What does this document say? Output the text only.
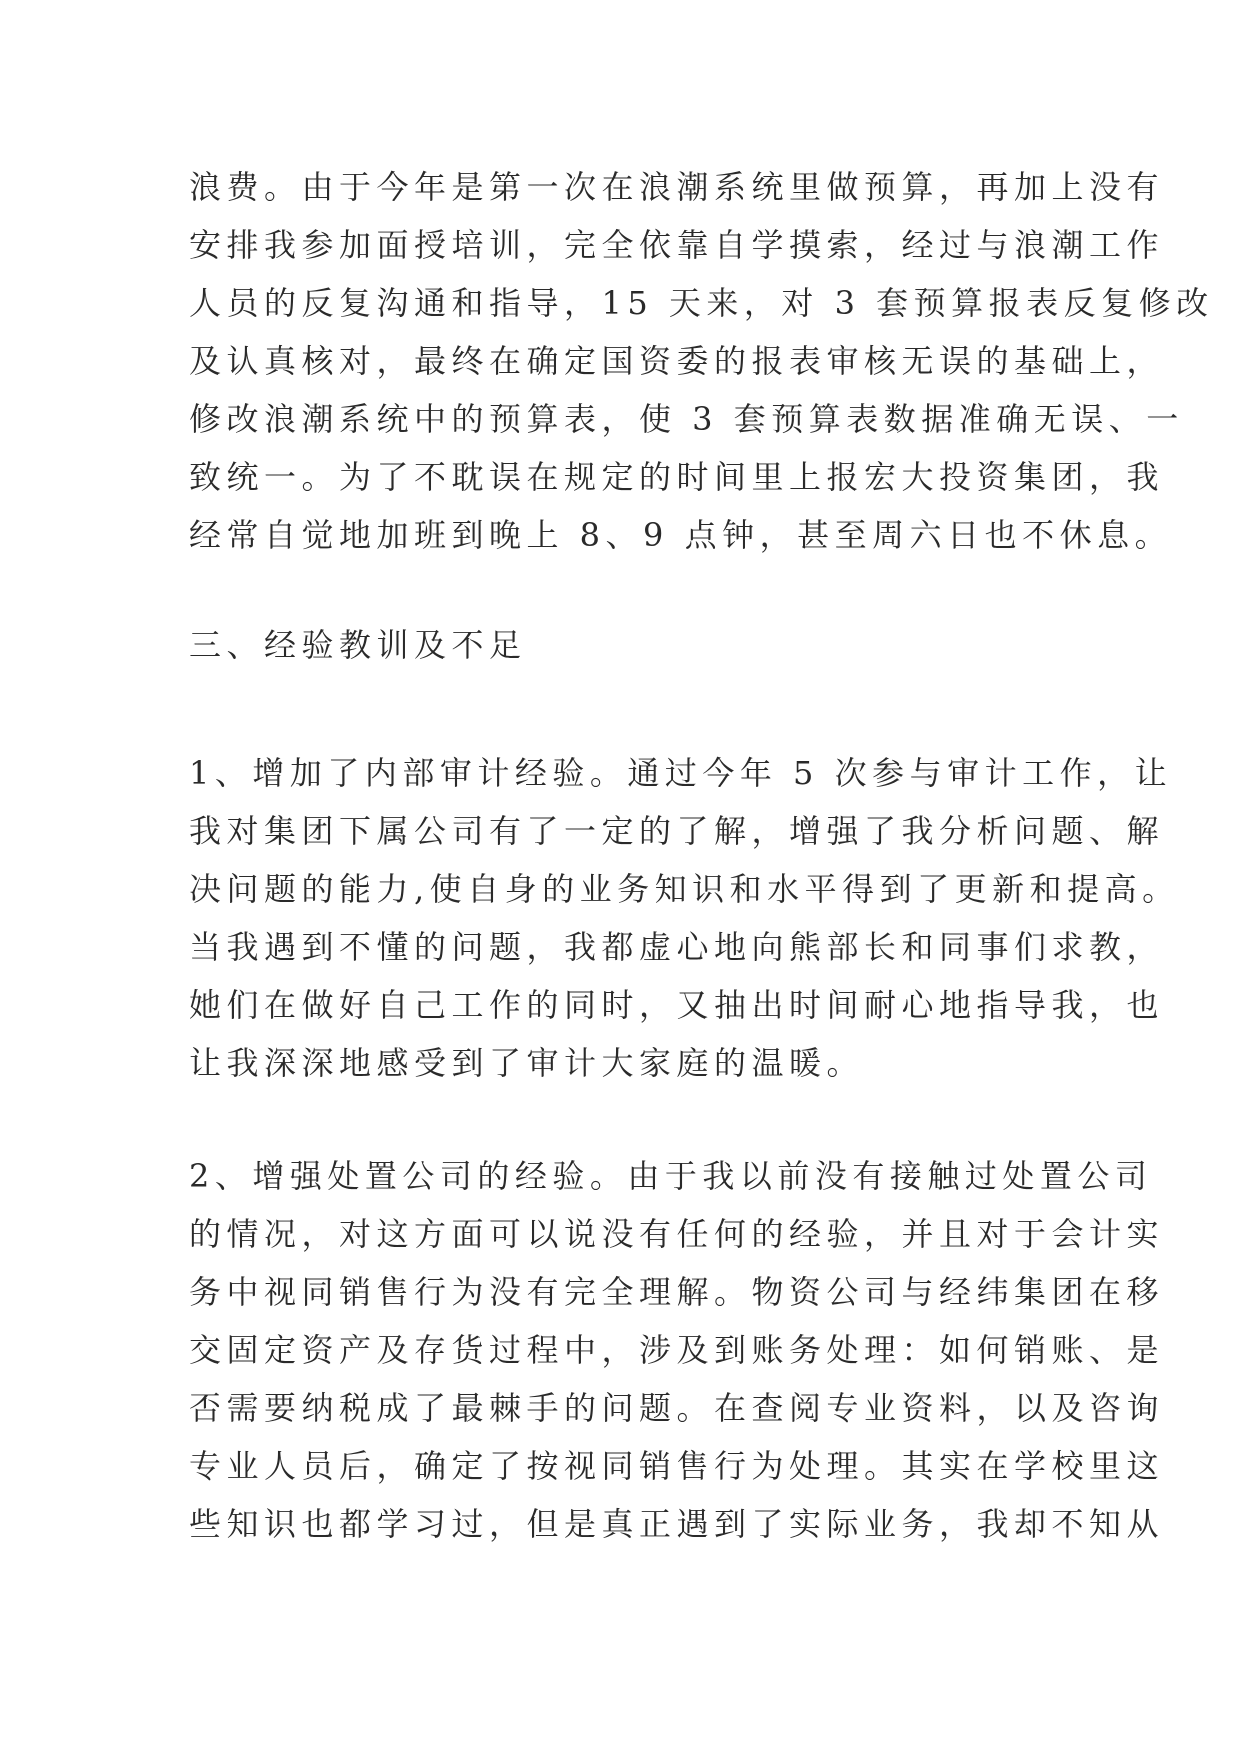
浪费。由于今年是第一次在浪潮系统里做预算，再加上没有
安排我参加面授培训，完全依靠自学摸索，经过与浪潮工作
人员的反复沟通和指导，15 天来，对 3 套预算报表反复修改
及认真核对，最终在确定国资委的报表审核无误的基础上，
修改浪潮系统中的预算表，使 3 套预算表数据准确无误、一
致统一。为了不耽误在规定的时间里上报宏大投资集团，我
经常自觉地加班到晚上 8、9 点钟，甚至周六日也不休息。
三、经验教训及不足
1、增加了内部审计经验。通过今年 5 次参与审计工作，让
我对集团下属公司有了一定的了解，增强了我分析问题、解
决问题的能力,使自身的业务知识和水平得到了更新和提高。
当我遇到不懂的问题，我都虚心地向熊部长和同事们求教，
她们在做好自己工作的同时，又抽出时间耐心地指导我，也
让我深深地感受到了审计大家庭的温暖。
2、增强处置公司的经验。由于我以前没有接触过处置公司
的情况，对这方面可以说没有任何的经验，并且对于会计实
务中视同销售行为没有完全理解。物资公司与经纬集团在移
交固定资产及存货过程中，涉及到账务处理：如何销账、是
否需要纳税成了最棘手的问题。在查阅专业资料，以及咨询
专业人员后，确定了按视同销售行为处理。其实在学校里这
些知识也都学习过，但是真正遇到了实际业务，我却不知从
